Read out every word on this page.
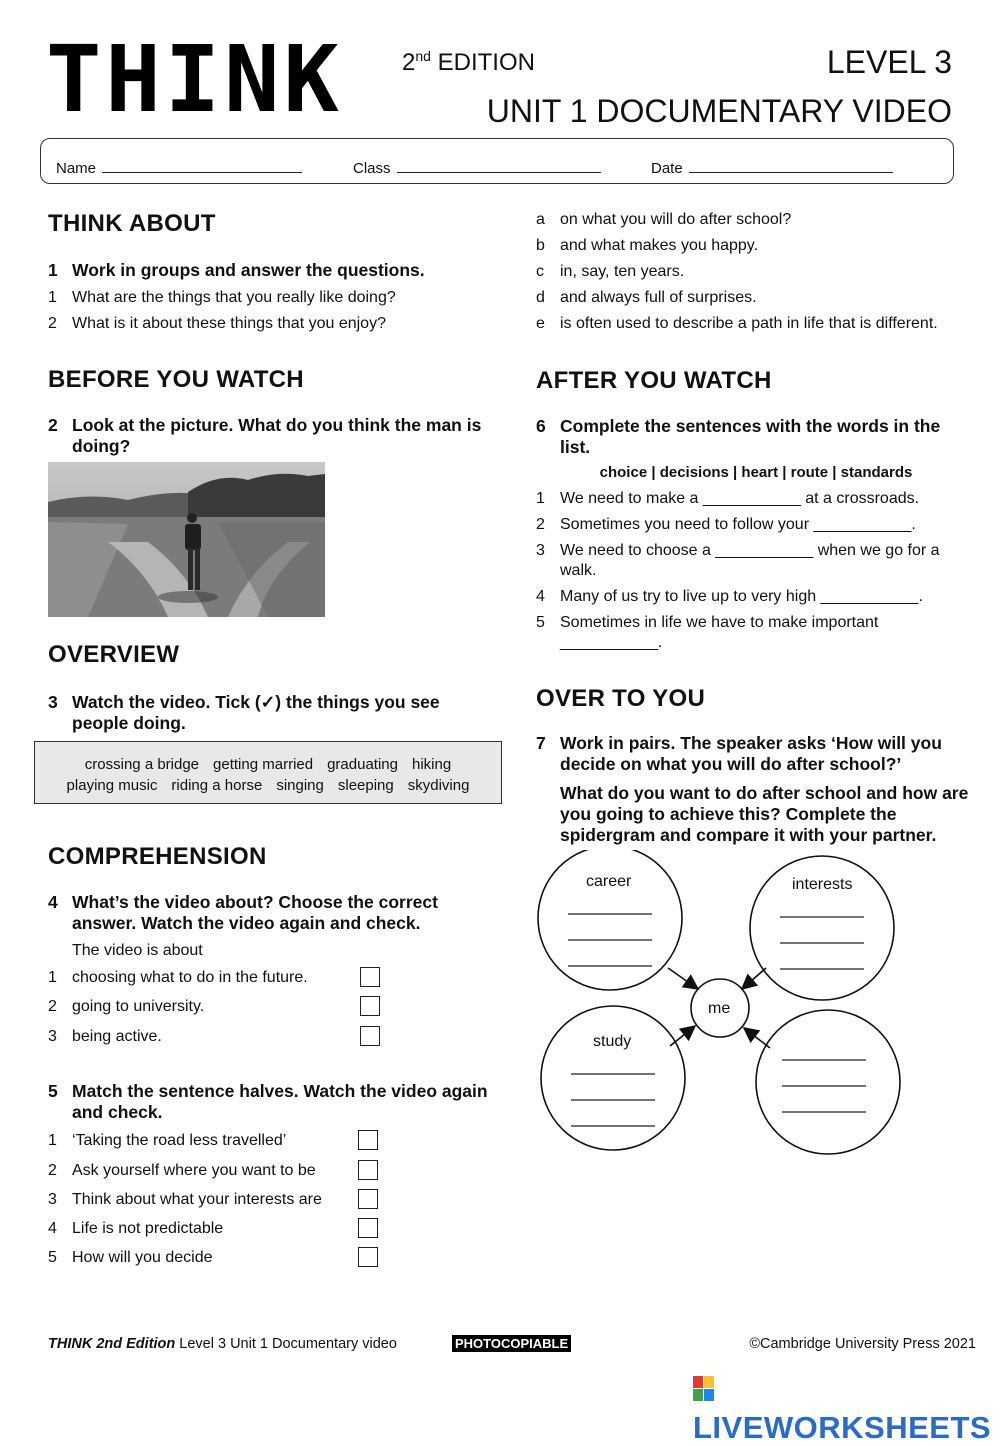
THINK 2nd EDITION	LEVEL 3
UNIT 1 DOCUMENTARY VIDEO
Name	Class	Date
THINK ABOUT
1 Work in groups and answer the questions.
1 What are the things that you really like doing?
2 What is it about these things that you enjoy?
BEFORE YOU WATCH
2 Look at the picture. What do you think the man is doing?
OVERVIEW
3 Watch the video. Tick (✓) the things you see people doing.
crossing a bridge getting married graduating hiking
playing music riding a horse singing sleeping skydiving
COMPREHENSION
4 What’s the video about? Choose the correct answer. Watch the video again and check.
The video is about
1 choosing what to do in the future.
2 going to university.
3 being active.
5 Match the sentence halves. Watch the video again and check.
1 ‘Taking the road less travelled’
2 Ask yourself where you want to be
3 Think about what your interests are
4 Life is not predictable
5 How will you decide
a on what you will do after school?
b and what makes you happy.
c	in, say, ten years.
d and always full of surprises.
e is often used to describe a path in life that is different.
AFTER YOU WATCH
6 Complete the sentences with the words in the list.
choice | decisions | heart | route | standards
1 We need to make a ___________ at a crossroads.
2 Sometimes you need to follow your ___________.
3 We need to choose a ___________ when we go for a walk.
4 Many of us try to live up to very high ___________.
5 Sometimes in life we have to make important ___________.
OVER TO YOU
7 Work in pairs. The speaker asks ‘How will you decide on what you will do after school?’
What do you want to do after school and how are you going to achieve this? Complete the spidergram and compare it with your partner.
career	interests
study
me
THINK 2nd Edition Level 3 Unit 1 Documentary video	PHOTOCOPIABLE	©Cambridge University Press 2021
LIVEWORKSHEETS
